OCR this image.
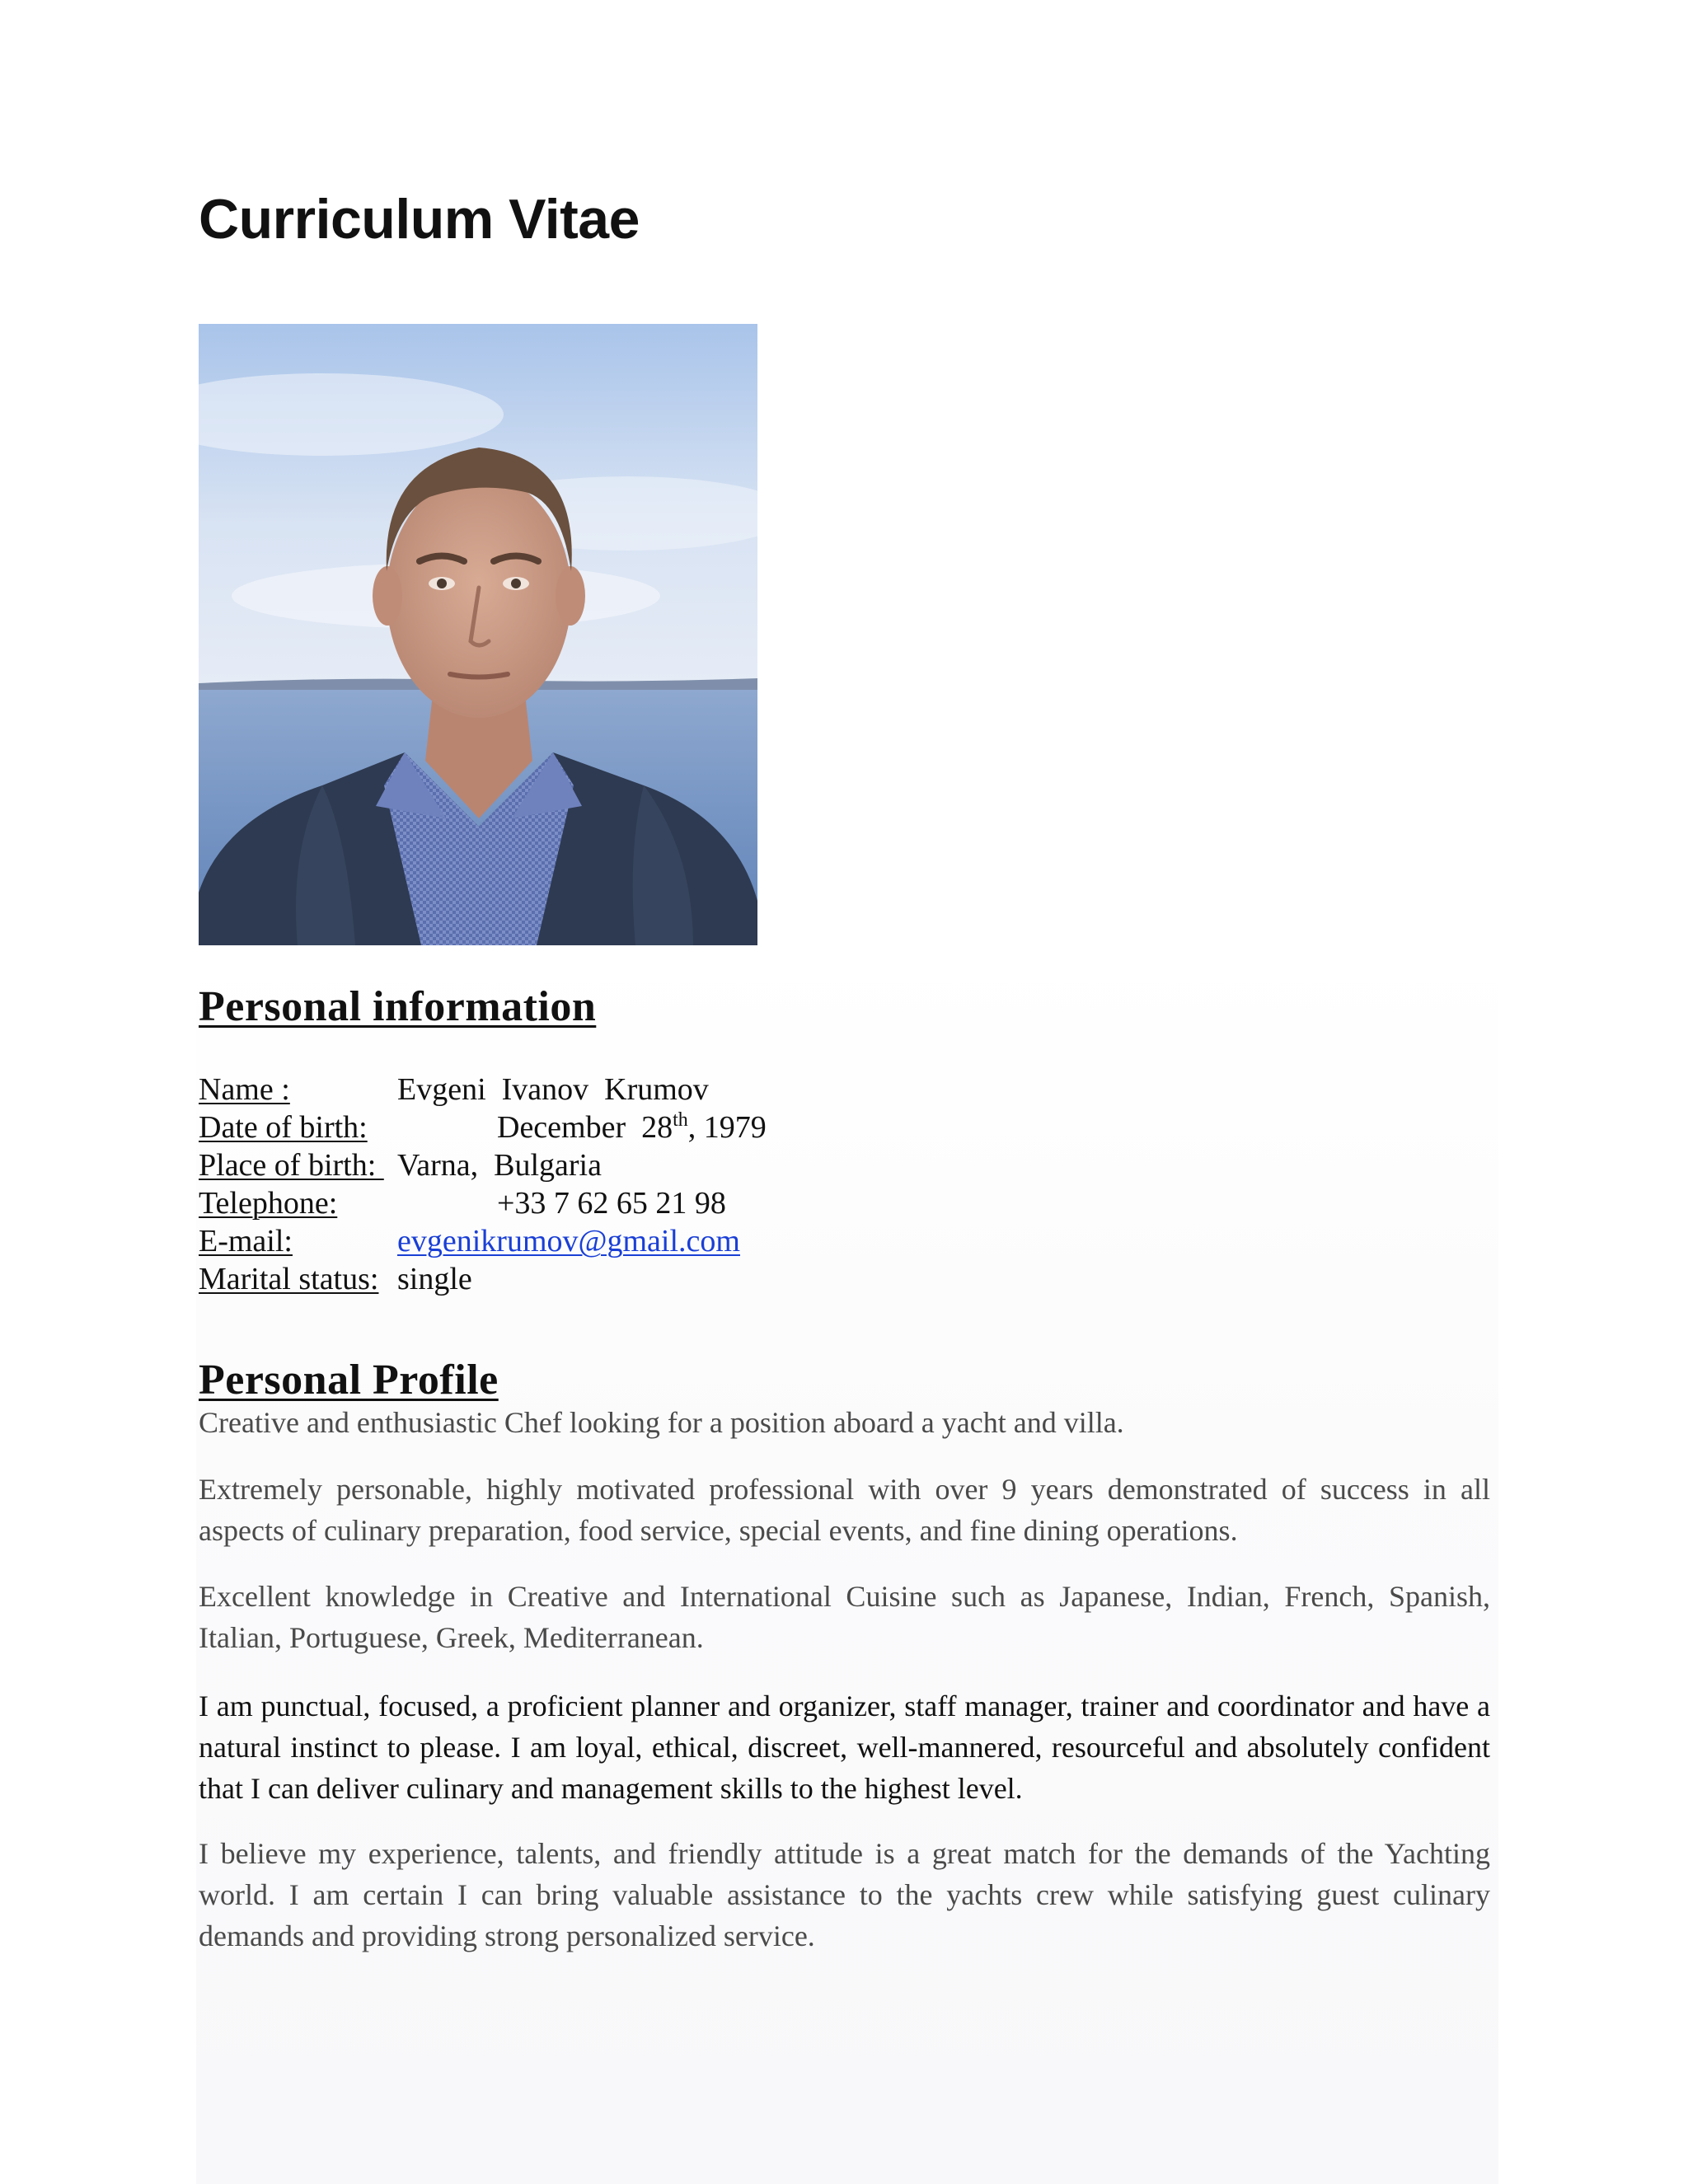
Curriculum Vitae
Personal information
Name :	Evgeni  Ivanov  Krumov
Date of birth:	December  28th, 1979
Place of birth: Varna,  Bulgaria
Telephone:	+33 7 62 65 21 98
E-mail:	evgenikrumov@gmail.com
Marital status: single
Personal Profile

Creative and enthusiastic Chef looking for a position aboard a yacht and villa.

Extremely personable, highly motivated professional with over 9 years demonstrated of success in all aspects of culinary preparation, food service, special events, and fine dining operations.

Excellent knowledge in Creative and International Cuisine such as Japanese, Indian, French, Spanish, Italian, Portuguese, Greek, Mediterranean.

I am punctual, focused, a proficient planner and organizer, staff manager, trainer and coordinator and have a natural instinct to please. I am loyal, ethical, discreet, well-mannered, resourceful and absolutely confident that I can deliver culinary and management skills to the highest level.

I believe my experience, talents, and friendly attitude is a great match for the demands of the Yachting world. I am certain I can bring valuable assistance to the yachts crew while satisfying guest culinary demands and providing strong personalized service.
